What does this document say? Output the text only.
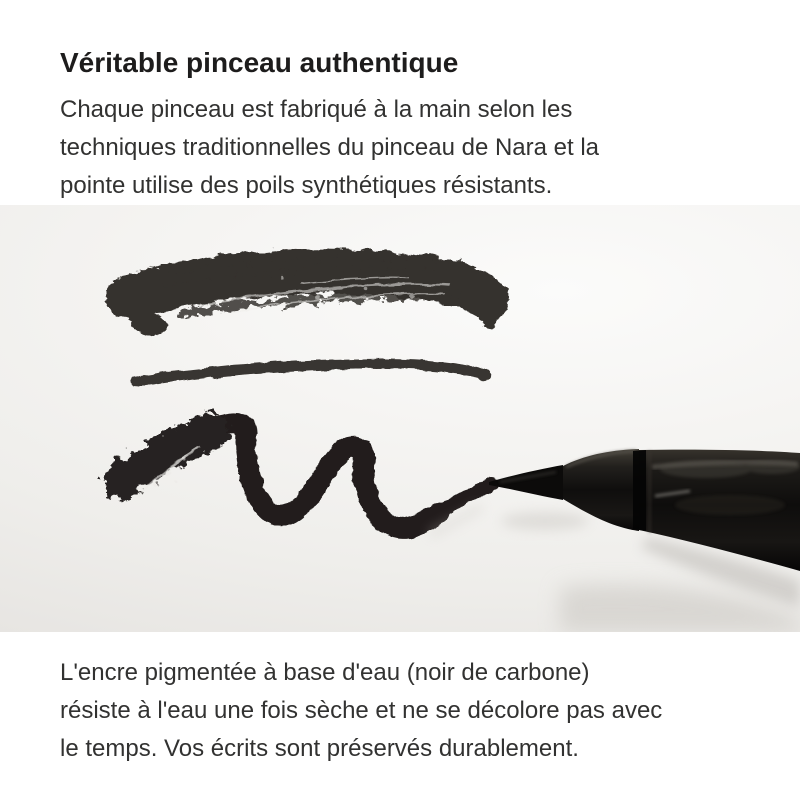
Véritable pinceau authentique
Chaque pinceau est fabriqué à la main selon les
techniques traditionnelles du pinceau de Nara et la
pointe utilise des poils synthétiques résistants.
L'encre pigmentée à base d'eau (noir de carbone)
résiste à l'eau une fois sèche et ne se décolore pas avec
le temps. Vos écrits sont préservés durablement.
